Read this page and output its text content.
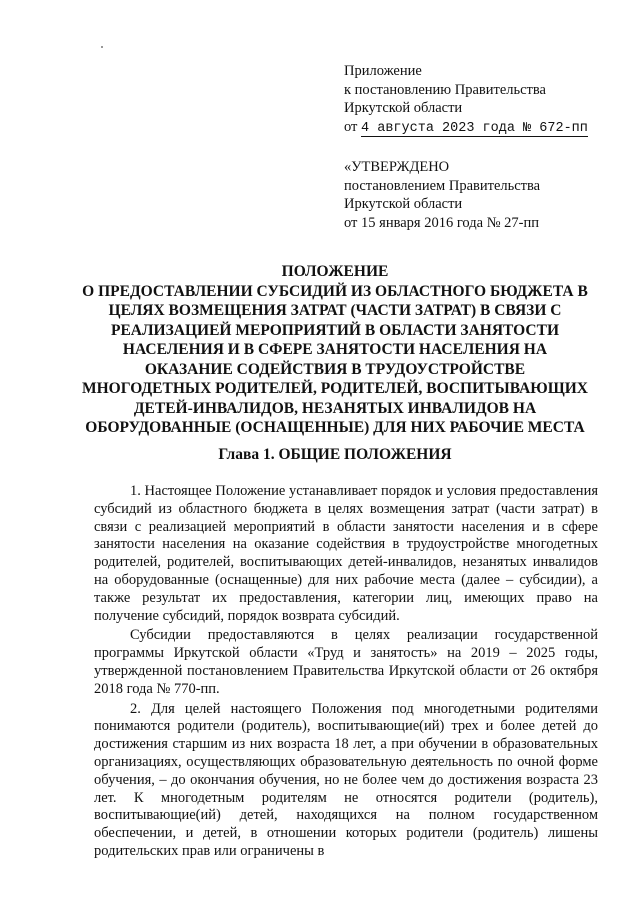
Приложение
к постановлению Правительства
Иркутской области
от 4 августа 2023 года № 672-пп
«УТВЕРЖДЕНО
постановлением Правительства
Иркутской области
от 15 января 2016 года № 27-пп
ПОЛОЖЕНИЕ
О ПРЕДОСТАВЛЕНИИ СУБСИДИЙ ИЗ ОБЛАСТНОГО БЮДЖЕТА В
ЦЕЛЯХ ВОЗМЕЩЕНИЯ ЗАТРАТ (ЧАСТИ ЗАТРАТ) В СВЯЗИ С
РЕАЛИЗАЦИЕЙ МЕРОПРИЯТИЙ В ОБЛАСТИ ЗАНЯТОСТИ
НАСЕЛЕНИЯ И В СФЕРЕ ЗАНЯТОСТИ НАСЕЛЕНИЯ НА
ОКАЗАНИЕ СОДЕЙСТВИЯ В ТРУДОУСТРОЙСТВЕ
МНОГОДЕТНЫХ РОДИТЕЛЕЙ, РОДИТЕЛЕЙ, ВОСПИТЫВАЮЩИХ
ДЕТЕЙ-ИНВАЛИДОВ, НЕЗАНЯТЫХ ИНВАЛИДОВ НА
ОБОРУДОВАННЫЕ (ОСНАЩЕННЫЕ) ДЛЯ НИХ РАБОЧИЕ МЕСТА
Глава 1. ОБЩИЕ ПОЛОЖЕНИЯ

1. Настоящее Положение устанавливает порядок и условия предоставления субсидий из областного бюджета в целях возмещения затрат (части затрат) в связи с реализацией мероприятий в области занятости населения и в сфере занятости населения на оказание содействия в трудоустройстве многодетных родителей, родителей, воспитывающих детей-инвалидов, незанятых инвалидов на оборудованные (оснащенные) для них рабочие места (далее – субсидии), а также результат их предоставления, категории лиц, имеющих право на получение субсидий, порядок возврата субсидий.

Субсидии предоставляются в целях реализации государственной программы Иркутской области «Труд и занятость» на 2019 – 2025 годы, утвержденной постановлением Правительства Иркутской области от 26 октября 2018 года № 770-пп.

2. Для целей настоящего Положения под многодетными родителями понимаются родители (родитель), воспитывающие(ий) трех и более детей до достижения старшим из них возраста 18 лет, а при обучении в образовательных организациях, осуществляющих образовательную деятельность по очной форме обучения, – до окончания обучения, но не более чем до достижения возраста 23 лет. К многодетным родителям не относятся родители (родитель), воспитывающие(ий) детей, находящихся на полном государственном обеспечении, и детей, в отношении которых родители (родитель) лишены родительских прав или ограничены в
